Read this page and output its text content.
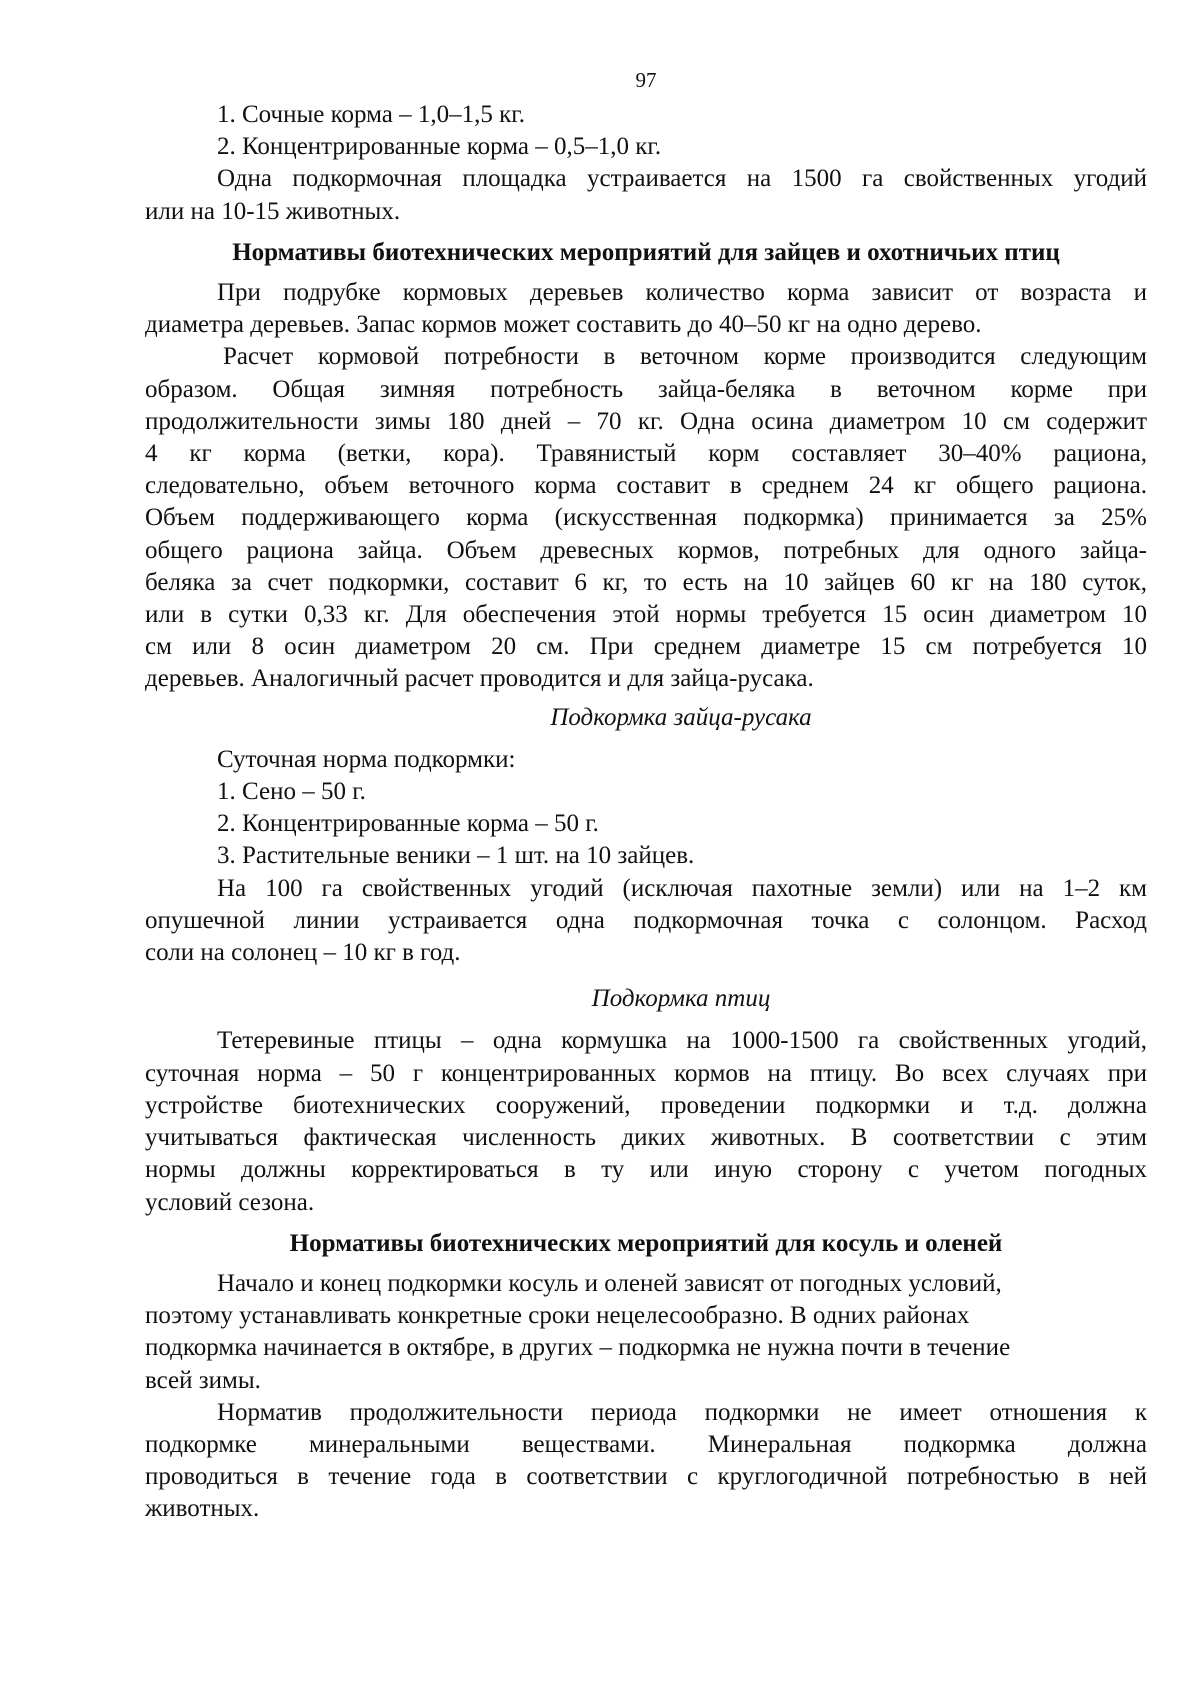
97
1. Сочные корма – 1,0–1,5 кг.
2. Концентрированные корма – 0,5–1,0 кг.
Одна подкормочная площадка устраивается на 1500 га свойственных угодий
или на 10-15 животных.
Нормативы биотехнических мероприятий для зайцев и охотничьих птиц
При подрубке кормовых деревьев количество корма зависит от возраста и
диаметра деревьев. Запас кормов может составить до 40–50 кг на одно дерево.
Расчет кормовой потребности в веточном корме производится следующим
образом. Общая зимняя потребность зайца-беляка в веточном корме при
продолжительности зимы 180 дней – 70 кг. Одна осина диаметром 10 см содержит
4 кг корма (ветки, кора). Травянистый корм составляет 30–40% рациона,
следовательно, объем веточного корма составит в среднем 24 кг общего рациона.
Объем поддерживающего корма (искусственная подкормка) принимается за 25%
общего рациона зайца. Объем древесных кормов, потребных для одного зайца-
беляка за счет подкормки, составит 6 кг, то есть на 10 зайцев 60 кг на 180 суток,
или в сутки 0,33 кг. Для обеспечения этой нормы требуется 15 осин диаметром 10
см или 8 осин диаметром 20 см. При среднем диаметре 15 см потребуется 10
деревьев. Аналогичный расчет проводится и для зайца-русака.
Подкормка зайца-русака
Суточная норма подкормки:
1. Сено – 50 г.
2. Концентрированные корма – 50 г.
3. Растительные веники – 1 шт. на 10 зайцев.
На 100 га свойственных угодий (исключая пахотные земли) или на 1–2 км
опушечной линии устраивается одна подкормочная точка с солонцом. Расход
соли на солонец – 10 кг в год.
Подкормка птиц
Тетеревиные птицы – одна кормушка на 1000-1500 га свойственных угодий,
суточная норма – 50 г концентрированных кормов на птицу. Во всех случаях при
устройстве биотехнических сооружений, проведении подкормки и т.д. должна
учитываться фактическая численность диких животных. В соответствии с этим
нормы должны корректироваться в ту или иную сторону с учетом погодных
условий сезона.
Нормативы биотехнических мероприятий для косуль и оленей
Начало и конец подкормки косуль и оленей зависят от погодных условий,
поэтому устанавливать конкретные сроки нецелесообразно. В одних районах
подкормка начинается в октябре, в других – подкормка не нужна почти в течение
всей зимы.
Норматив продолжительности периода подкормки не имеет отношения к
подкормке минеральными веществами. Минеральная подкормка должна
проводиться в течение года в соответствии с круглогодичной потребностью в ней
животных.
